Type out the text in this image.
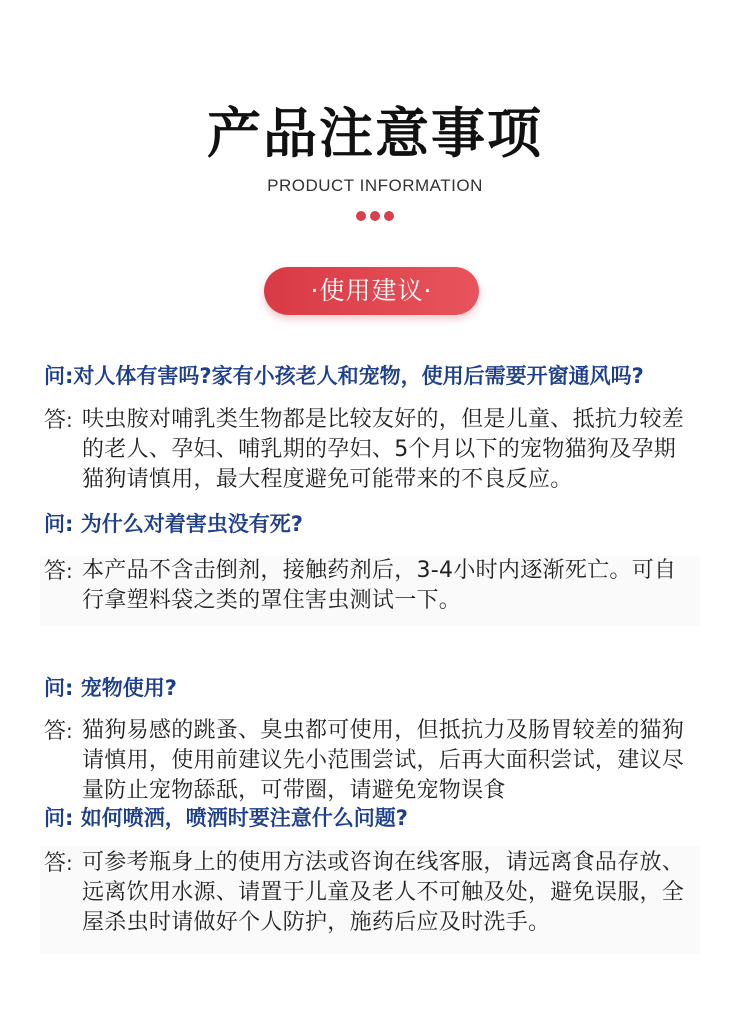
产品注意事项
PRODUCT INFORMATION

·使用建议·
问:对人体有害吗?家有小孩老人和宠物，使用后需要开窗通风吗?
答: 呋虫胺对哺乳类生物都是比较友好的，但是儿童、抵抗力较差
的老人、孕妇、哺乳期的孕妇、5个月以下的宠物猫狗及孕期
猫狗请慎用，最大程度避免可能带来的不良反应。
问: 为什么对着害虫没有死?
答: 本产品不含击倒剂，接触药剂后，3-4小时内逐渐死亡。可自
行拿塑料袋之类的罩住害虫测试一下。
问: 宠物使用?
答: 猫狗易感的跳蚤、臭虫都可使用，但抵抗力及肠胃较差的猫狗
请慎用，使用前建议先小范围尝试，后再大面积尝试，建议尽
量防止宠物舔舐，可带圈，请避免宠物误食
问: 如何喷洒，喷洒时要注意什么问题?
答: 可参考瓶身上的使用方法或咨询在线客服，请远离食品存放、
远离饮用水源、请置于儿童及老人不可触及处，避免误服，全
屋杀虫时请做好个人防护，施药后应及时洗手。
